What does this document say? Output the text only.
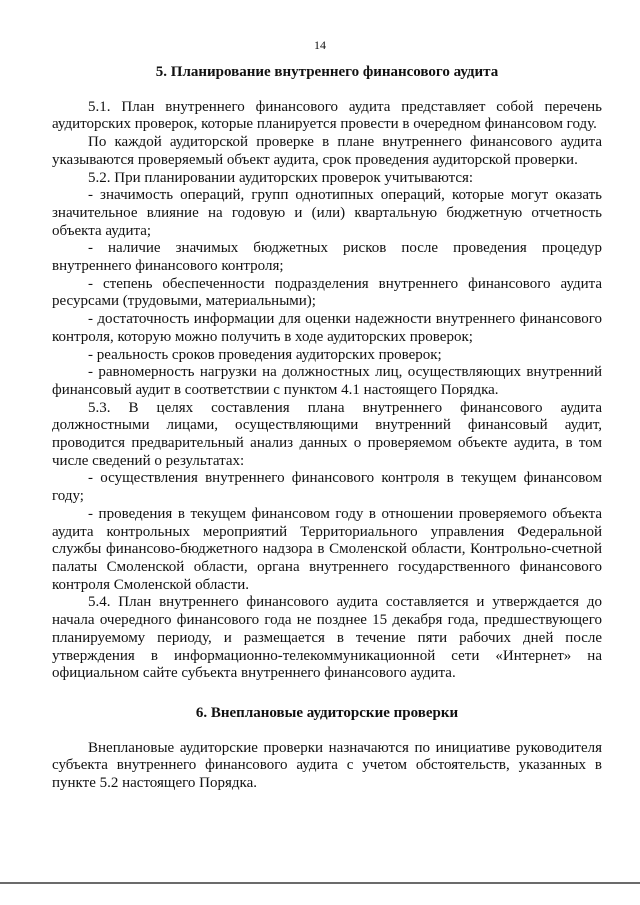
14
5. Планирование внутреннего финансового аудита

5.1. План внутреннего финансового аудита представляет собой перечень аудиторских проверок, которые планируется провести в очередном финансовом году.

По каждой аудиторской проверке в плане внутреннего финансового аудита указываются проверяемый объект аудита, срок проведения аудиторской проверки.

5.2. При планировании аудиторских проверок учитываются:

- значимость операций, групп однотипных операций, которые могут оказать значительное влияние на годовую и (или) квартальную бюджетную отчетность объекта аудита;

- наличие значимых бюджетных рисков после проведения процедур внутреннего финансового контроля;

- степень обеспеченности подразделения внутреннего финансового аудита ресурсами (трудовыми, материальными);

- достаточность информации для оценки надежности внутреннего финансового контроля, которую можно получить в ходе аудиторских проверок;

- реальность сроков проведения аудиторских проверок;

- равномерность нагрузки на должностных лиц, осуществляющих внутренний финансовый аудит в соответствии с пунктом 4.1 настоящего Порядка.

5.3. В целях составления плана внутреннего финансового аудита должностными лицами, осуществляющими внутренний финансовый аудит, проводится предварительный анализ данных о проверяемом объекте аудита, в том числе сведений о результатах:

- осуществления внутреннего финансового контроля в текущем финансовом году;

- проведения в текущем финансовом году в отношении проверяемого объекта аудита контрольных мероприятий Территориального управления Федеральной службы финансово-бюджетного надзора в Смоленской области, Контрольно-счетной палаты Смоленской области, органа внутреннего государственного финансового контроля Смоленской области.

5.4. План внутреннего финансового аудита составляется и утверждается до начала очередного финансового года не позднее 15 декабря года, предшествующего планируемому периоду, и размещается в течение пяти рабочих дней после утверждения в информационно-телекоммуникационной сети «Интернет» на официальном сайте субъекта внутреннего финансового аудита.

6. Внеплановые аудиторские проверки

Внеплановые аудиторские проверки назначаются по инициативе руководителя субъекта внутреннего финансового аудита с учетом обстоятельств, указанных в пункте 5.2 настоящего Порядка.
